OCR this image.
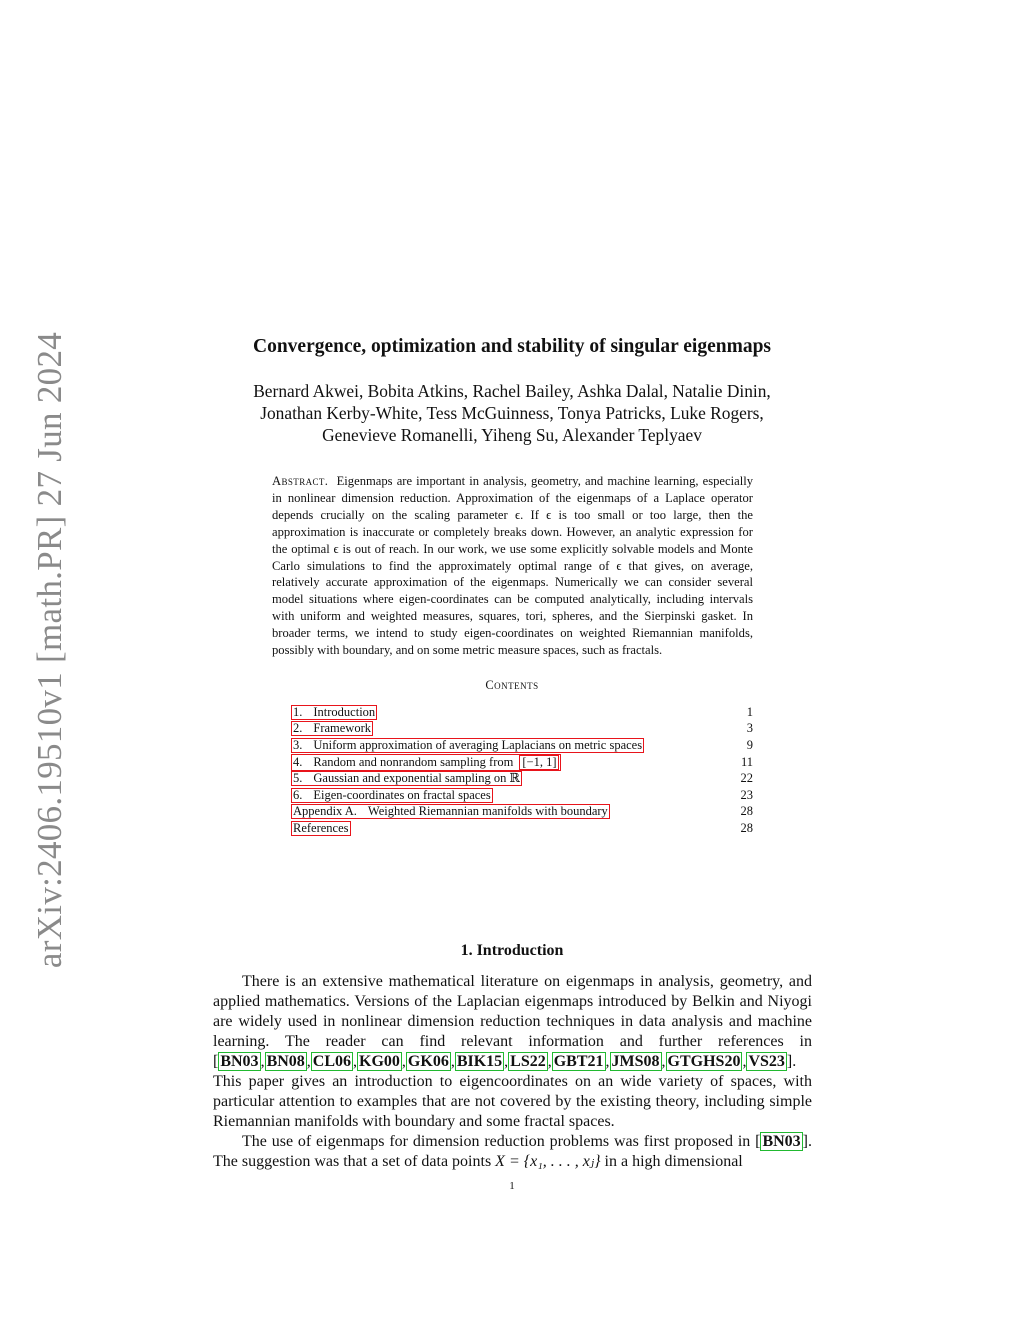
arXiv:2406.19510v1 [math.PR] 27 Jun 2024	Convergence, optimization and stability of singular eigenmaps
Bernard Akwei, Bobita Atkins, Rachel Bailey, Ashka Dalal, Natalie Dinin,
Jonathan Kerby-White, Tess McGuinness, Tonya Patricks, Luke Rogers,
Genevieve Romanelli, Yiheng Su, Alexander Teplyaev
Abstract. Eigenmaps are important in analysis, geometry, and machine learning, especially in nonlinear dimension reduction. Approximation of the eigenmaps of a Laplace operator depends crucially on the scaling parameter ϵ. If ϵ is too small or too large, then the approximation is inaccurate or completely breaks down. However, an analytic expression for the optimal ϵ is out of reach. In our work, we use some explicitly solvable models and Monte Carlo simulations to find the approximately optimal range of ϵ that gives, on average, relatively accurate approximation of the eigenmaps. Numerically we can consider several model situations where eigen-coordinates can be computed analytically, including intervals with uniform and weighted measures, squares, tori, spheres, and the Sierpinski gasket. In broader terms, we intend to study eigen-coordinates on weighted Riemannian manifolds, possibly with boundary, and on some metric measure spaces, such as fractals.
Contents
1. Introduction	1
2. Framework	3
3. Uniform approximation of averaging Laplacians on metric spaces	9
4. Random and nonrandom sampling from [−1, 1]	11
5. Gaussian and exponential sampling on ℝ	22
6. Eigen-coordinates on fractal spaces	23
Appendix A. Weighted Riemannian manifolds with boundary	28
References	28
1. Introduction

There is an extensive mathematical literature on eigenmaps in analysis, geometry, and applied mathematics. Versions of the Laplacian eigenmaps introduced by Belkin and Niyogi are widely used in nonlinear dimension reduction techniques in data analysis and machine learning. The reader can find relevant information and further references in [ BN03 , BN08 , CL06 , KG00 , GK06 , BIK15 , LS22 , GBT21 , JMS08 , GTGHS20 , VS23 ]. This paper gives an introduction to eigencoordinates on an wide variety of spaces, with particular attention to examples that are not covered by the existing theory, including simple Riemannian manifolds with boundary and some fractal spaces.

The use of eigenmaps for dimension reduction problems was first proposed in [ BN03 ]. The suggestion was that a set of data points X = {x₁, . . . , xⱼ} in a high dimensional

1
